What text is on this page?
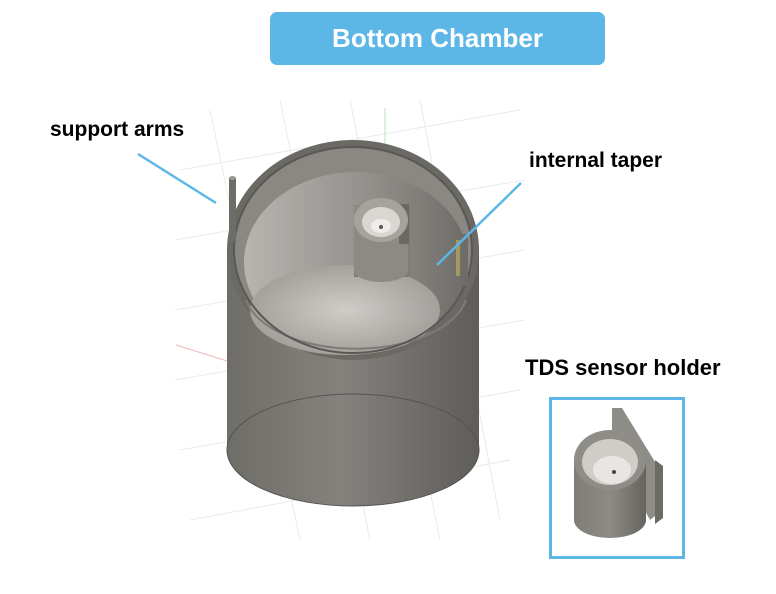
Bottom Chamber
support arms
internal taper
TDS sensor holder
